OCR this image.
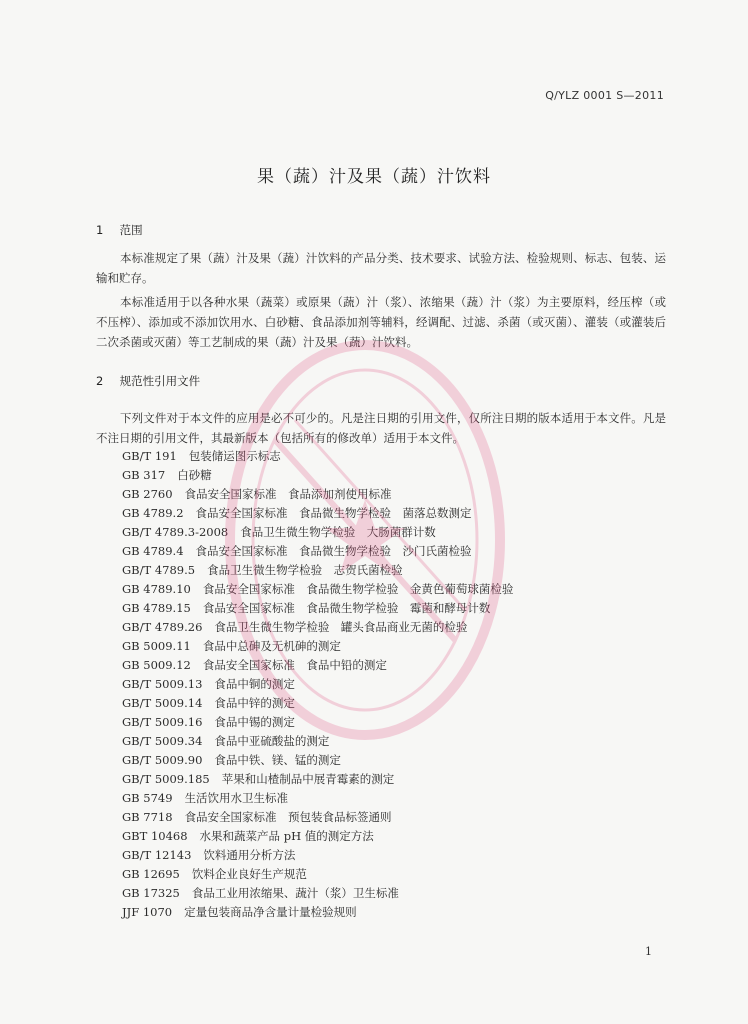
Q/YLZ 0001 S—2011
果（蔬）汁及果（蔬）汁饮料
1 范围

本标准规定了果（蔬）汁及果（蔬）汁饮料的产品分类、技术要求、试验方法、检验规则、标志、包装、运输和贮存。

本标准适用于以各种水果（蔬菜）或原果（蔬）汁（浆）、浓缩果（蔬）汁（浆）为主要原料，经压榨（或不压榨）、添加或不添加饮用水、白砂糖、食品添加剂等辅料，经调配、过滤、杀菌（或灭菌）、灌装（或灌装后二次杀菌或灭菌）等工艺制成的果（蔬）汁及果（蔬）汁饮料。

2 规范性引用文件

下列文件对于本文件的应用是必不可少的。凡是注日期的引用文件，仅所注日期的版本适用于本文件。凡是不注日期的引用文件，其最新版本（包括所有的修改单）适用于本文件。

GB/T 191 包装储运图示标志
GB 317 白砂糖
GB 2760 食品安全国家标准　食品添加剂使用标准
GB 4789.2 食品安全国家标准　食品微生物学检验　菌落总数测定
GB/T 4789.3-2008 食品卫生微生物学检验　大肠菌群计数
GB 4789.4 食品安全国家标准　食品微生物学检验　沙门氏菌检验
GB/T 4789.5 食品卫生微生物学检验　志贺氏菌检验
GB 4789.10 食品安全国家标准　食品微生物学检验　金黄色葡萄球菌检验
GB 4789.15 食品安全国家标准　食品微生物学检验　霉菌和酵母计数
GB/T 4789.26 食品卫生微生物学检验　罐头食品商业无菌的检验
GB 5009.11 食品中总砷及无机砷的测定
GB 5009.12 食品安全国家标准　食品中铅的测定
GB/T 5009.13 食品中铜的测定
GB/T 5009.14 食品中锌的测定
GB/T 5009.16 食品中锡的测定
GB/T 5009.34 食品中亚硫酸盐的测定
GB/T 5009.90 食品中铁、镁、锰的测定
GB/T 5009.185 苹果和山楂制品中展青霉素的测定
GB 5749 生活饮用水卫生标准
GB 7718 食品安全国家标准　预包装食品标签通则
GBT 10468 水果和蔬菜产品 pH 值的测定方法
GB/T 12143 饮料通用分析方法
GB 12695 饮料企业良好生产规范
GB 17325 食品工业用浓缩果、蔬汁（浆）卫生标准
JJF 1070 定量包装商品净含量计量检验规则
1
